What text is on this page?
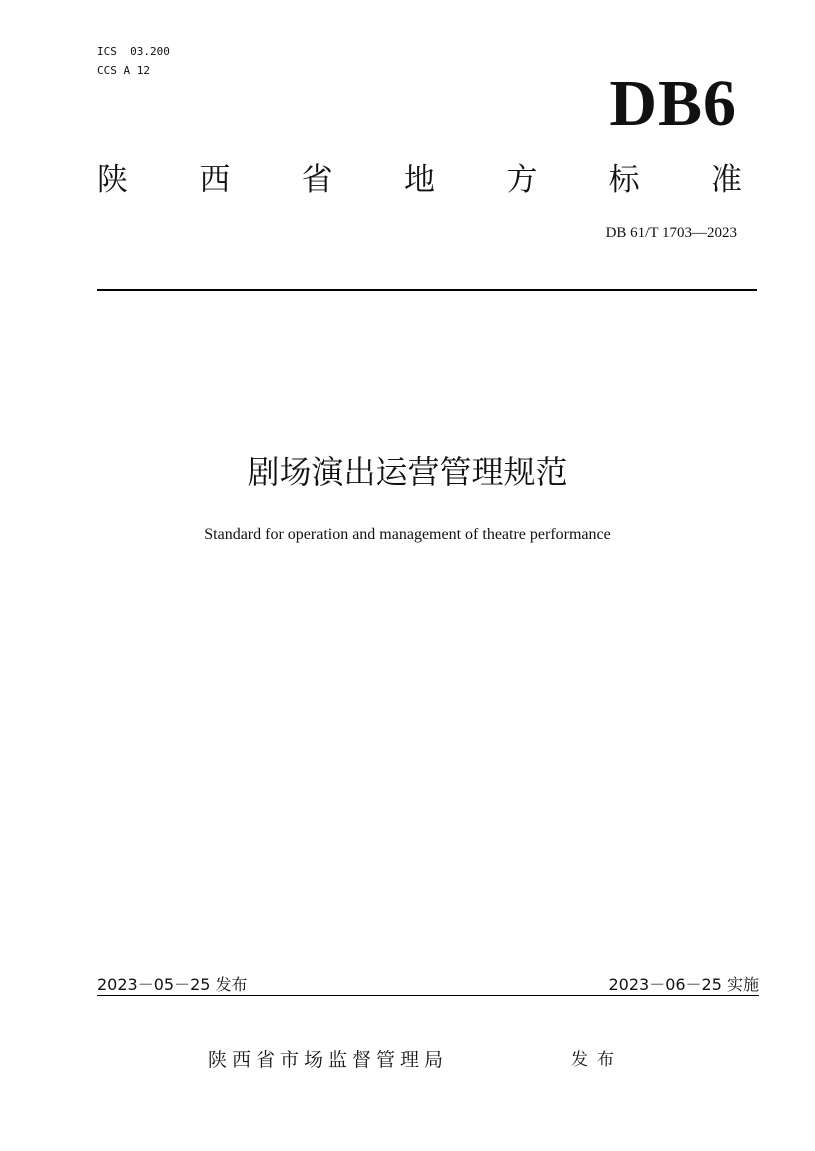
ICS  03.200
CCS A 12	DB6
陕 西 省 地 方 标 准
DB 61/T 1703—2023
剧场演出运营管理规范
Standard for operation and management of theatre performance
2023－05－25 发布	2023－06－25 实施
陕西省市场监督管理局	发布
